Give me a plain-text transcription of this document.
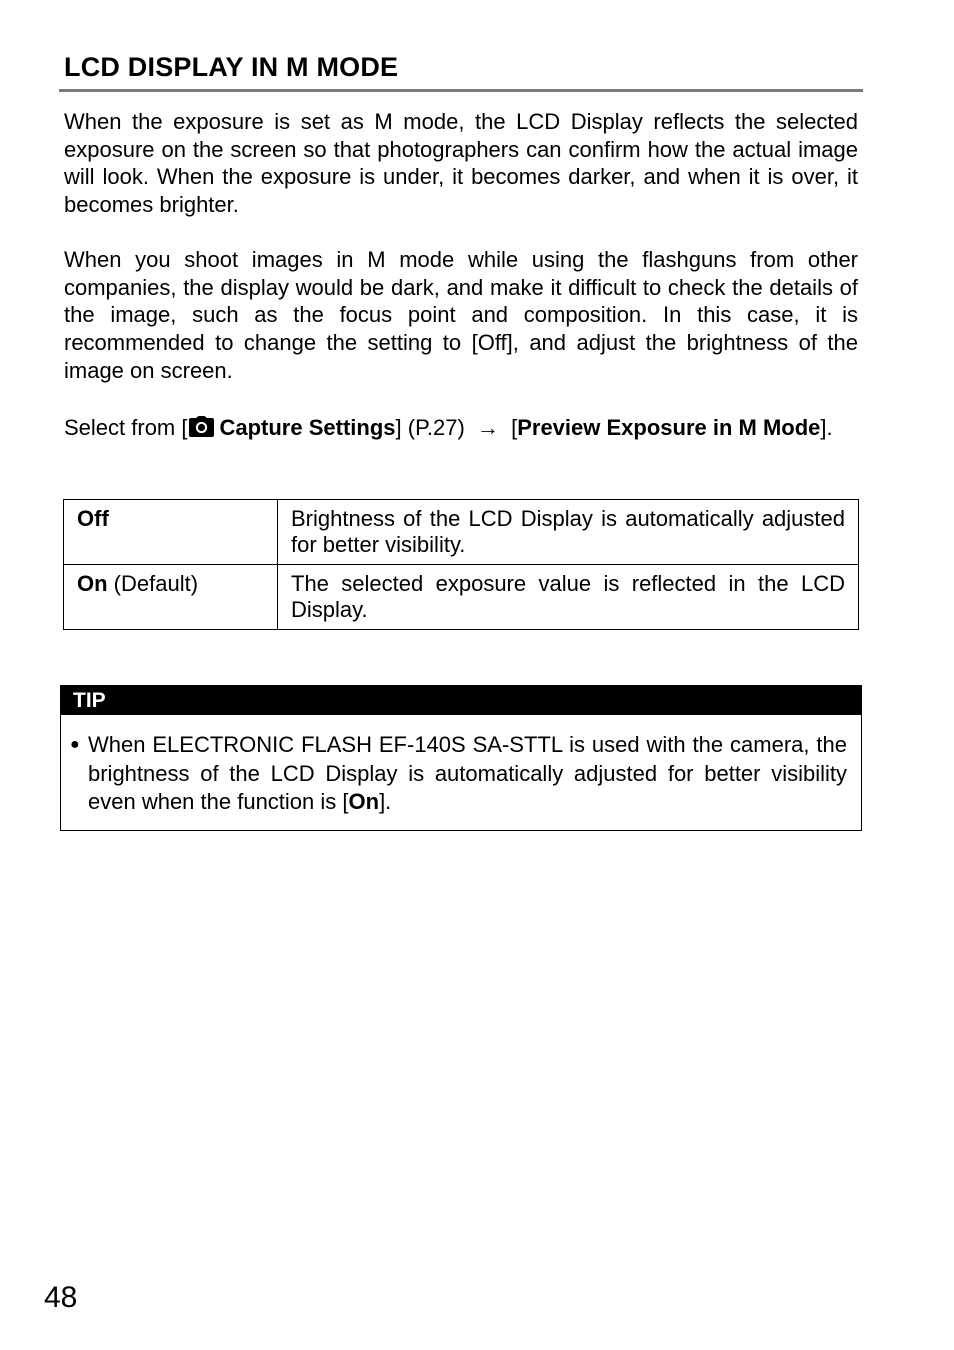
LCD DISPLAY IN M MODE
When the exposure is set as M mode, the LCD Display reflects the selected exposure on the screen so that photographers can confirm how the actual image will look. When the exposure is under, it becomes darker, and when it is over, it becomes brighter.
When you shoot images in M mode while using the flashguns from other companies, the display would be dark, and make it difficult to check the details of the image, such as the focus point and composition. In this case, it is recommended to change the setting to [Off], and adjust the brightness of the image on screen.
Select from [ Capture Settings] (P.27) → [Preview Exposure in M Mode].
Off	Brightness of the LCD Display is automatically adjusted for better visibility.
On (Default)	The selected exposure value is reflected in the LCD Display.
TIP
● When ELECTRONIC FLASH EF-140S SA-STTL is used with the camera, the brightness of the LCD Display is automatically adjusted for better visibility even when the function is [On].
48
